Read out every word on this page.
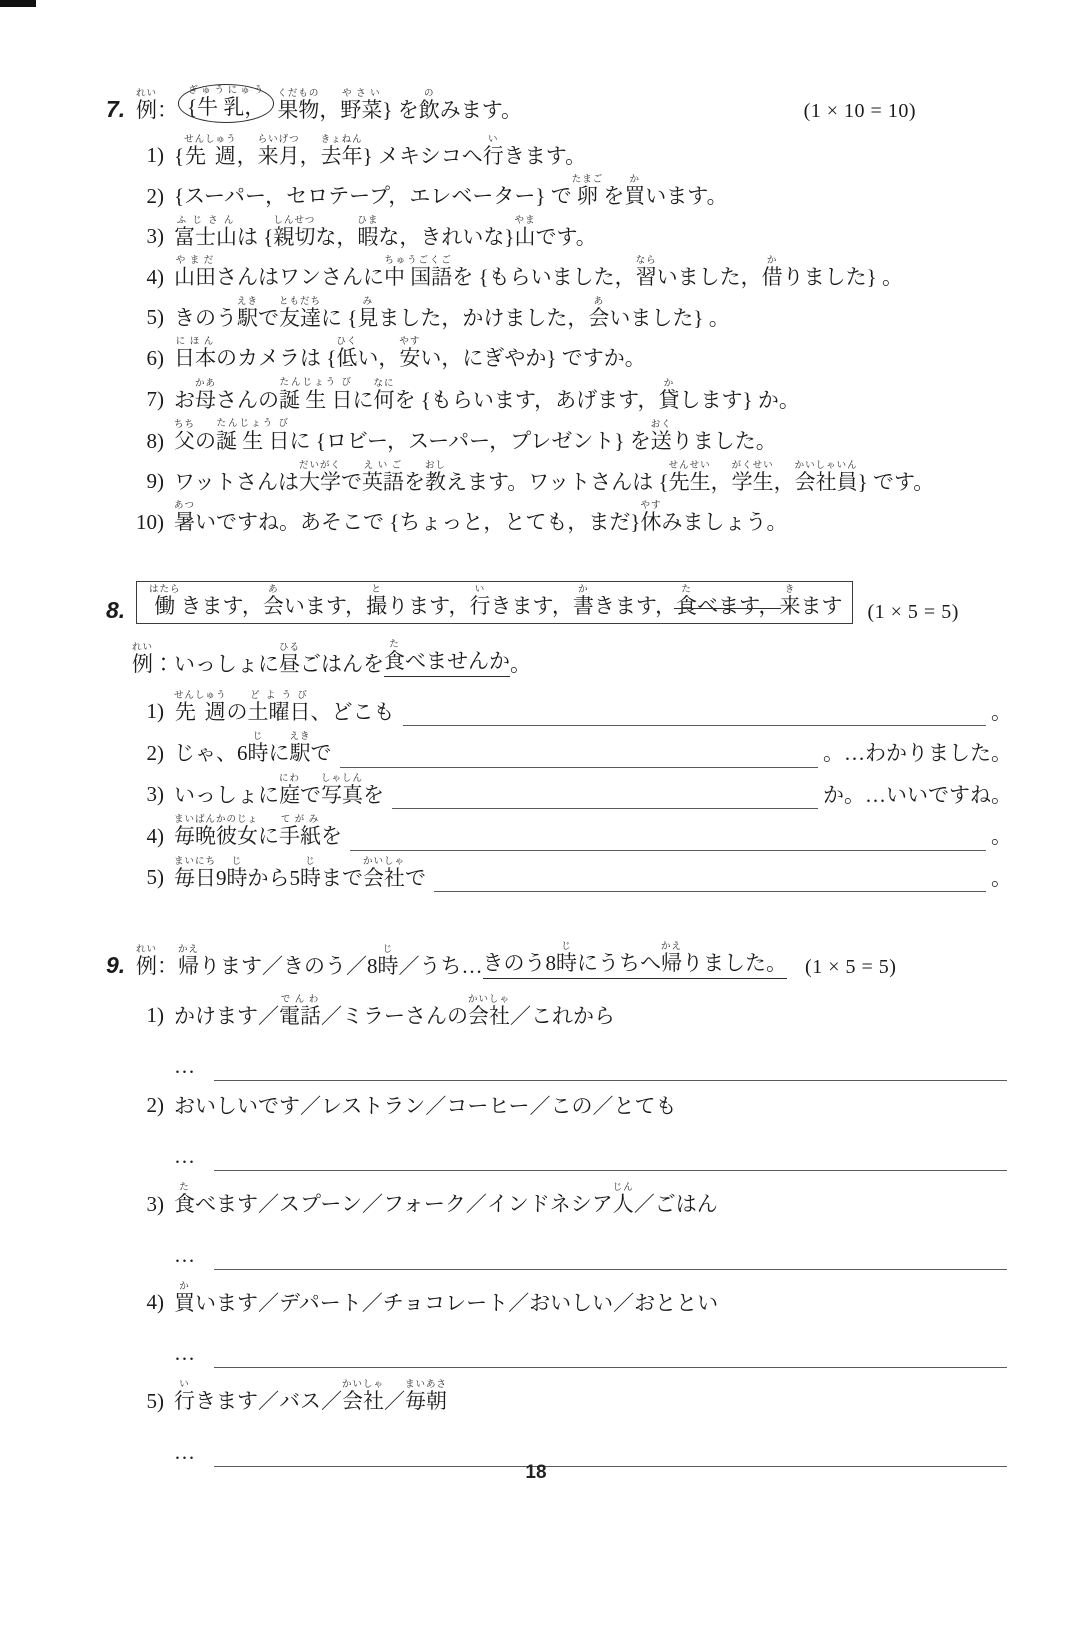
7. 例れい
： {牛 乳，ぎゅうにゅう
果物くだもの
， 野菜やさい
} を 飲の
みます。	(1 × 10 = 10)
1) { 先 週せんしゅう
， 来月らいげつ
， 去年きょねん
} メキシコへ 行い
きます。
2) {スーパー，セロテープ，エレベーター} で 卵たまご
を 買か
います。
3) 富士山ふじさん
は { 親切しんせつ
な， 暇ひま
な，きれいな} 山やま
です。
4) 山田やまだ
さんはワンさんに 中 国語ちゅうごくご
を {もらいました， 習なら
いました， 借か
りました} 。
5) きのう 駅えき
で 友達ともだち
に { 見み
ました，かけました， 会あ
いました} 。
6) 日本にほん
のカメラは { 低ひく
い， 安やす
い，にぎやか} ですか。
7) お 母かあ
さんの 誕 生 日たんじょう び
に 何なに
を {もらいます，あげます， 貸か
します} か。
8) 父ちち
の 誕 生 日たんじょう び
に {ロビー，スーパー，プレゼント} を 送おく
りました。
9) ワットさんは 大学だいがく
で 英語えいご
を 教おし
えます。ワットさんは { 先生せんせい
， 学生がくせい
， 会社員かいしゃいん
} です。
10) 暑あつ
いですね。あそこで {ちょっと，とても，まだ} 休やす
みましょう。
8.	働はたら
きます， 会あ
います， 撮と
ります， 行い
きます， 書か
きます， 食た
べます， 来き
ます (1 × 5 = 5)
例れい
：いっしょに 昼ひる
ごはんを 食た
べませんか 。
1) 先 週せんしゅう
の 土曜日どようび
、どこも	。
2) じゃ、6 時じ
に 駅えき
で	。…わかりました。
3) いっしょに 庭にわ
で 写真しゃしん
を	か。…いいですね。
4) 毎晩彼女まいばんかのじょ
に 手紙てがみ
を	。
5) 毎日まいにち
9 時じ
から5 時じ
まで 会社かいしゃ
で	。
9. 例れい
： 帰かえ
ります／きのう／8 時じ
／うち… きのう8 時じ
にうちへ 帰かえ
りました。 (1 × 5 = 5)
1) かけます／ 電話でんわ
／ミラーさんの 会社かいしゃ
／これから
…
2) おいしいです／レストラン／コーヒー／この／とても
…
3) 食た
べます／スプーン／フォーク／インドネシア 人じん
／ごはん
…
4) 買か
います／デパート／チョコレート／おいしい／おととい
…
5) 行い
きます／バス／ 会社かいしゃ
／ 毎朝まいあさ
…
18
